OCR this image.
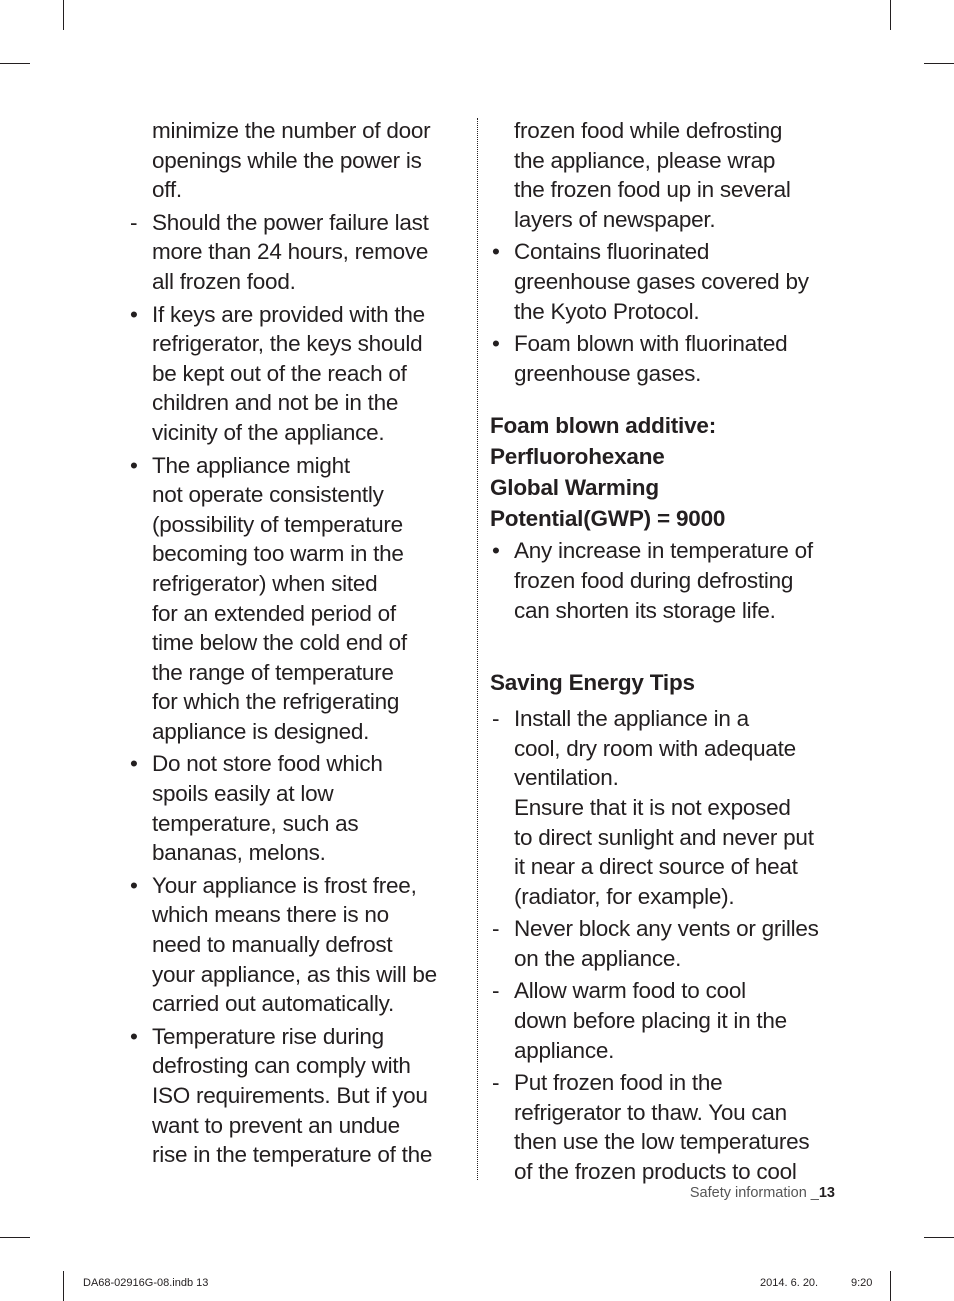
minimize the number of door
openings while the power is
off.
- Should the power failure last
more than 24 hours, remove
all frozen food.
• If keys are provided with the
refrigerator, the keys should
be kept out of the reach of
children and not be in the
vicinity of the appliance.
• The appliance might
not operate consistently
(possibility of temperature
becoming too warm in the
refrigerator) when sited
for an extended period of
time below the cold end of
the range of temperature
for which the refrigerating
appliance is designed.
• Do not store food which
spoils easily at low
temperature, such as
bananas, melons.
• Your appliance is frost free,
which means there is no
need to manually defrost
your appliance, as this will be
carried out automatically.
• Temperature rise during
defrosting can comply with
ISO requirements. But if you
want to prevent an undue
rise in the temperature of the
frozen food while defrosting
the appliance, please wrap
the frozen food up in several
layers of newspaper.
• Contains fluorinated
greenhouse gases covered by
the Kyoto Protocol.
• Foam blown with fluorinated
greenhouse gases.
Foam blown additive:
Perfluorohexane
Global Warming
Potential(GWP) = 9000
• Any increase in temperature of
frozen food during defrosting
can shorten its storage life.
Saving Energy Tips
- Install the appliance in a
cool, dry room with adequate
ventilation.
Ensure that it is not exposed
to direct sunlight and never put
it near a direct source of heat
(radiator, for example).
- Never block any vents or grilles
on the appliance.
- Allow warm food to cool
down before placing it in the
appliance.
- Put frozen food in the
refrigerator to thaw. You can
then use the low temperatures
of the frozen products to cool
Safety information _13
DA68-02916G-08.indb 13	2014. 6. 20.	9:20
